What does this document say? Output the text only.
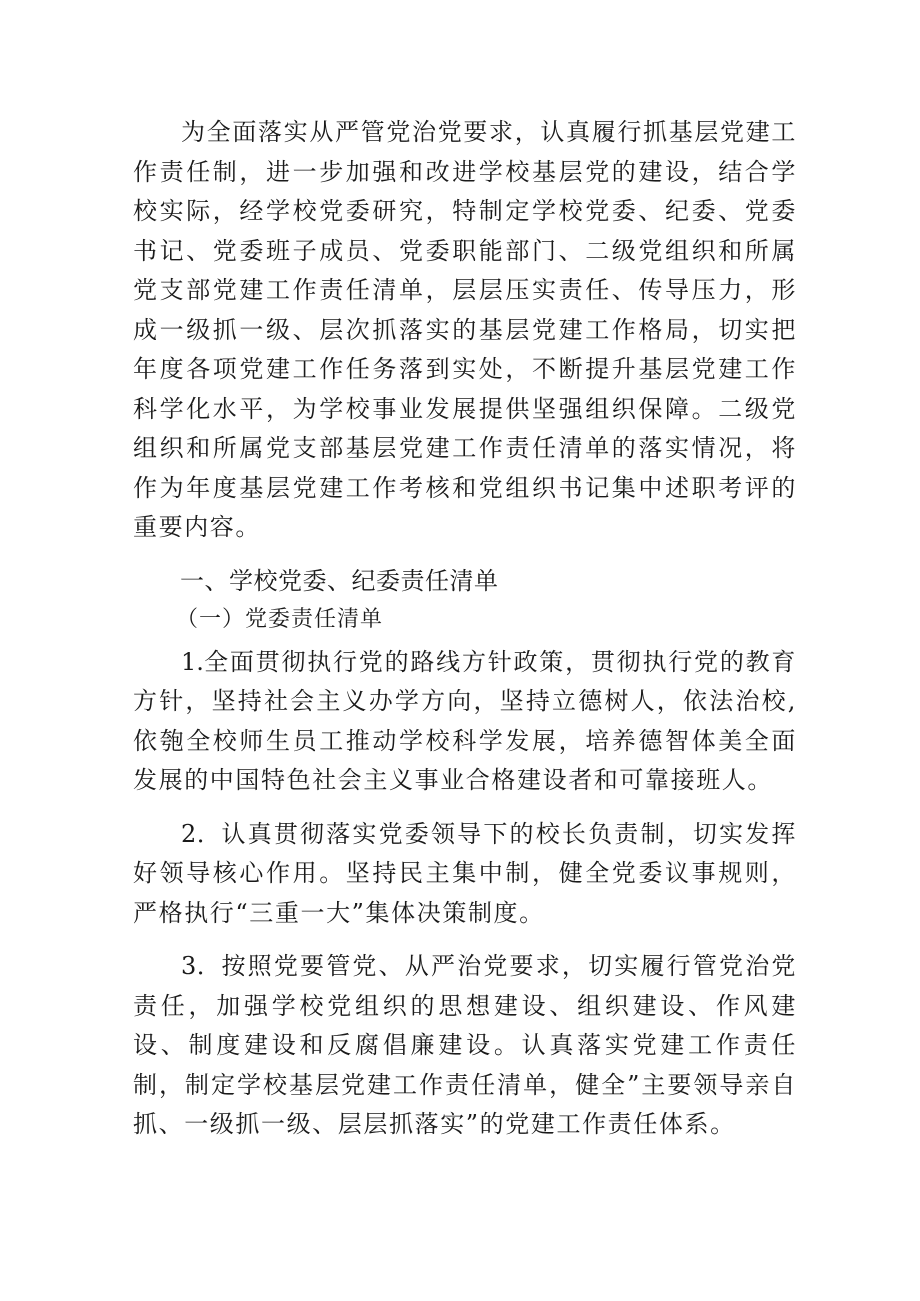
为全面落实从严管党治党要求，认真履行抓基层党建工作责任制，进一步加强和改进学校基层党的建设，结合学校实际，经学校党委研究，特制定学校党委、纪委、党委书记、党委班子成员、党委职能部门、二级党组织和所属党支部党建工作责任清单，层层压实责任、传导压力，形成一级抓一级、层次抓落实的基层党建工作格局，切实把年度各项党建工作任务落到实处，不断提升基层党建工作科学化水平，为学校事业发展提供坚强组织保障。二级党组织和所属党支部基层党建工作责任清单的落实情况，将作为年度基层党建工作考核和党组织书记集中述职考评的重要内容。

一、学校党委、纪委责任清单
（一）党委责任清单

1.全面贯彻执行党的路线方针政策，贯彻执行党的教育方针，坚持社会主义办学方向，坚持立德树人，依法治校,依匏全校师生员工推动学校科学发展，培养德智体美全面发展的中国特色社会主义事业合格建设者和可靠接班人。

2．认真贯彻落实党委领导下的校长负责制，切实发挥好领导核心作用。坚持民主集中制，健全党委议事规则，严格执行“三重一大”集体决策制度。

3．按照党要管党、从严治党要求，切实履行管党治党责任，加强学校党组织的思想建设、组织建设、作风建设、制度建设和反腐倡廉建设。认真落实党建工作责任制，制定学校基层党建工作责任清单，健全”主要领导亲自抓、一级抓一级、层层抓落实”的党建工作责任体系。
